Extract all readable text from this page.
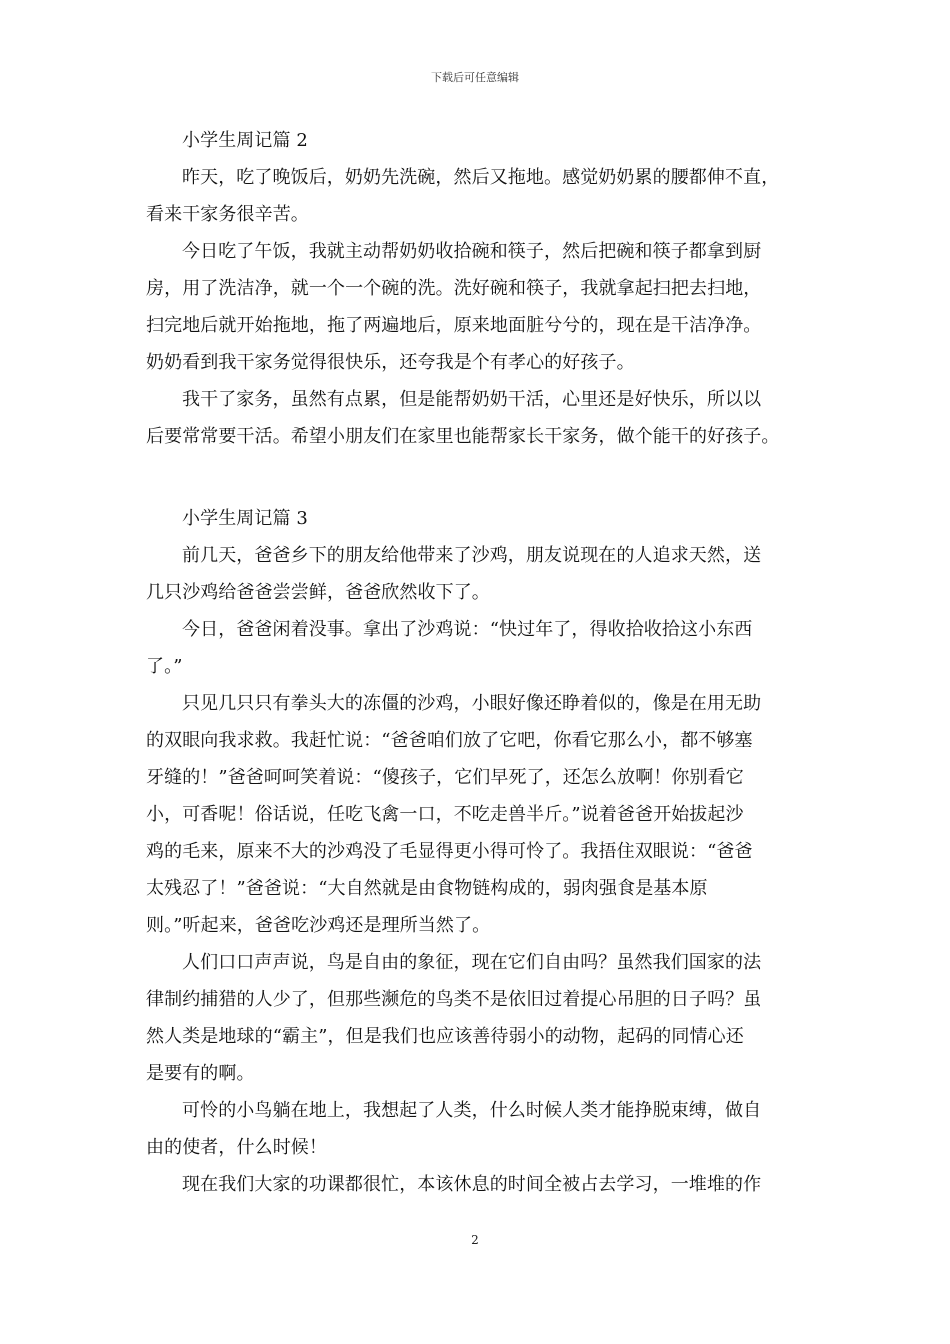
下载后可任意编辑
小学生周记篇 2
昨天，吃了晚饭后，奶奶先洗碗，然后又拖地。感觉奶奶累的腰都伸不直，
看来干家务很辛苦。
今日吃了午饭，我就主动帮奶奶收拾碗和筷子，然后把碗和筷子都拿到厨
房，用了洗洁净，就一个一个碗的洗。洗好碗和筷子，我就拿起扫把去扫地，
扫完地后就开始拖地，拖了两遍地后，原来地面脏兮兮的，现在是干洁净净。
奶奶看到我干家务觉得很快乐，还夸我是个有孝心的好孩子。
我干了家务，虽然有点累，但是能帮奶奶干活，心里还是好快乐，所以以
后要常常要干活。希望小朋友们在家里也能帮家长干家务，做个能干的好孩子。
小学生周记篇 3
前几天，爸爸乡下的朋友给他带来了沙鸡，朋友说现在的人追求天然，送
几只沙鸡给爸爸尝尝鲜，爸爸欣然收下了。
今日，爸爸闲着没事。拿出了沙鸡说：“快过年了，得收拾收拾这小东西
了。”
只见几只只有拳头大的冻僵的沙鸡，小眼好像还睁着似的，像是在用无助
的双眼向我求救。我赶忙说：“爸爸咱们放了它吧，你看它那么小，都不够塞
牙缝的！”爸爸呵呵笑着说：“傻孩子，它们早死了，还怎么放啊！你别看它
小，可香呢！俗话说，任吃飞禽一口，不吃走兽半斤。”说着爸爸开始拔起沙
鸡的毛来，原来不大的沙鸡没了毛显得更小得可怜了。我捂住双眼说：“爸爸
太残忍了！”爸爸说：“大自然就是由食物链构成的，弱肉强食是基本原
则。”听起来，爸爸吃沙鸡还是理所当然了。
人们口口声声说，鸟是自由的象征，现在它们自由吗？虽然我们国家的法
律制约捕猎的人少了，但那些濒危的鸟类不是依旧过着提心吊胆的日子吗？虽
然人类是地球的“霸主”，但是我们也应该善待弱小的动物，起码的同情心还
是要有的啊。
可怜的小鸟躺在地上，我想起了人类，什么时候人类才能挣脱束缚，做自
由的使者，什么时候！
现在我们大家的功课都很忙，本该休息的时间全被占去学习，一堆堆的作
2
